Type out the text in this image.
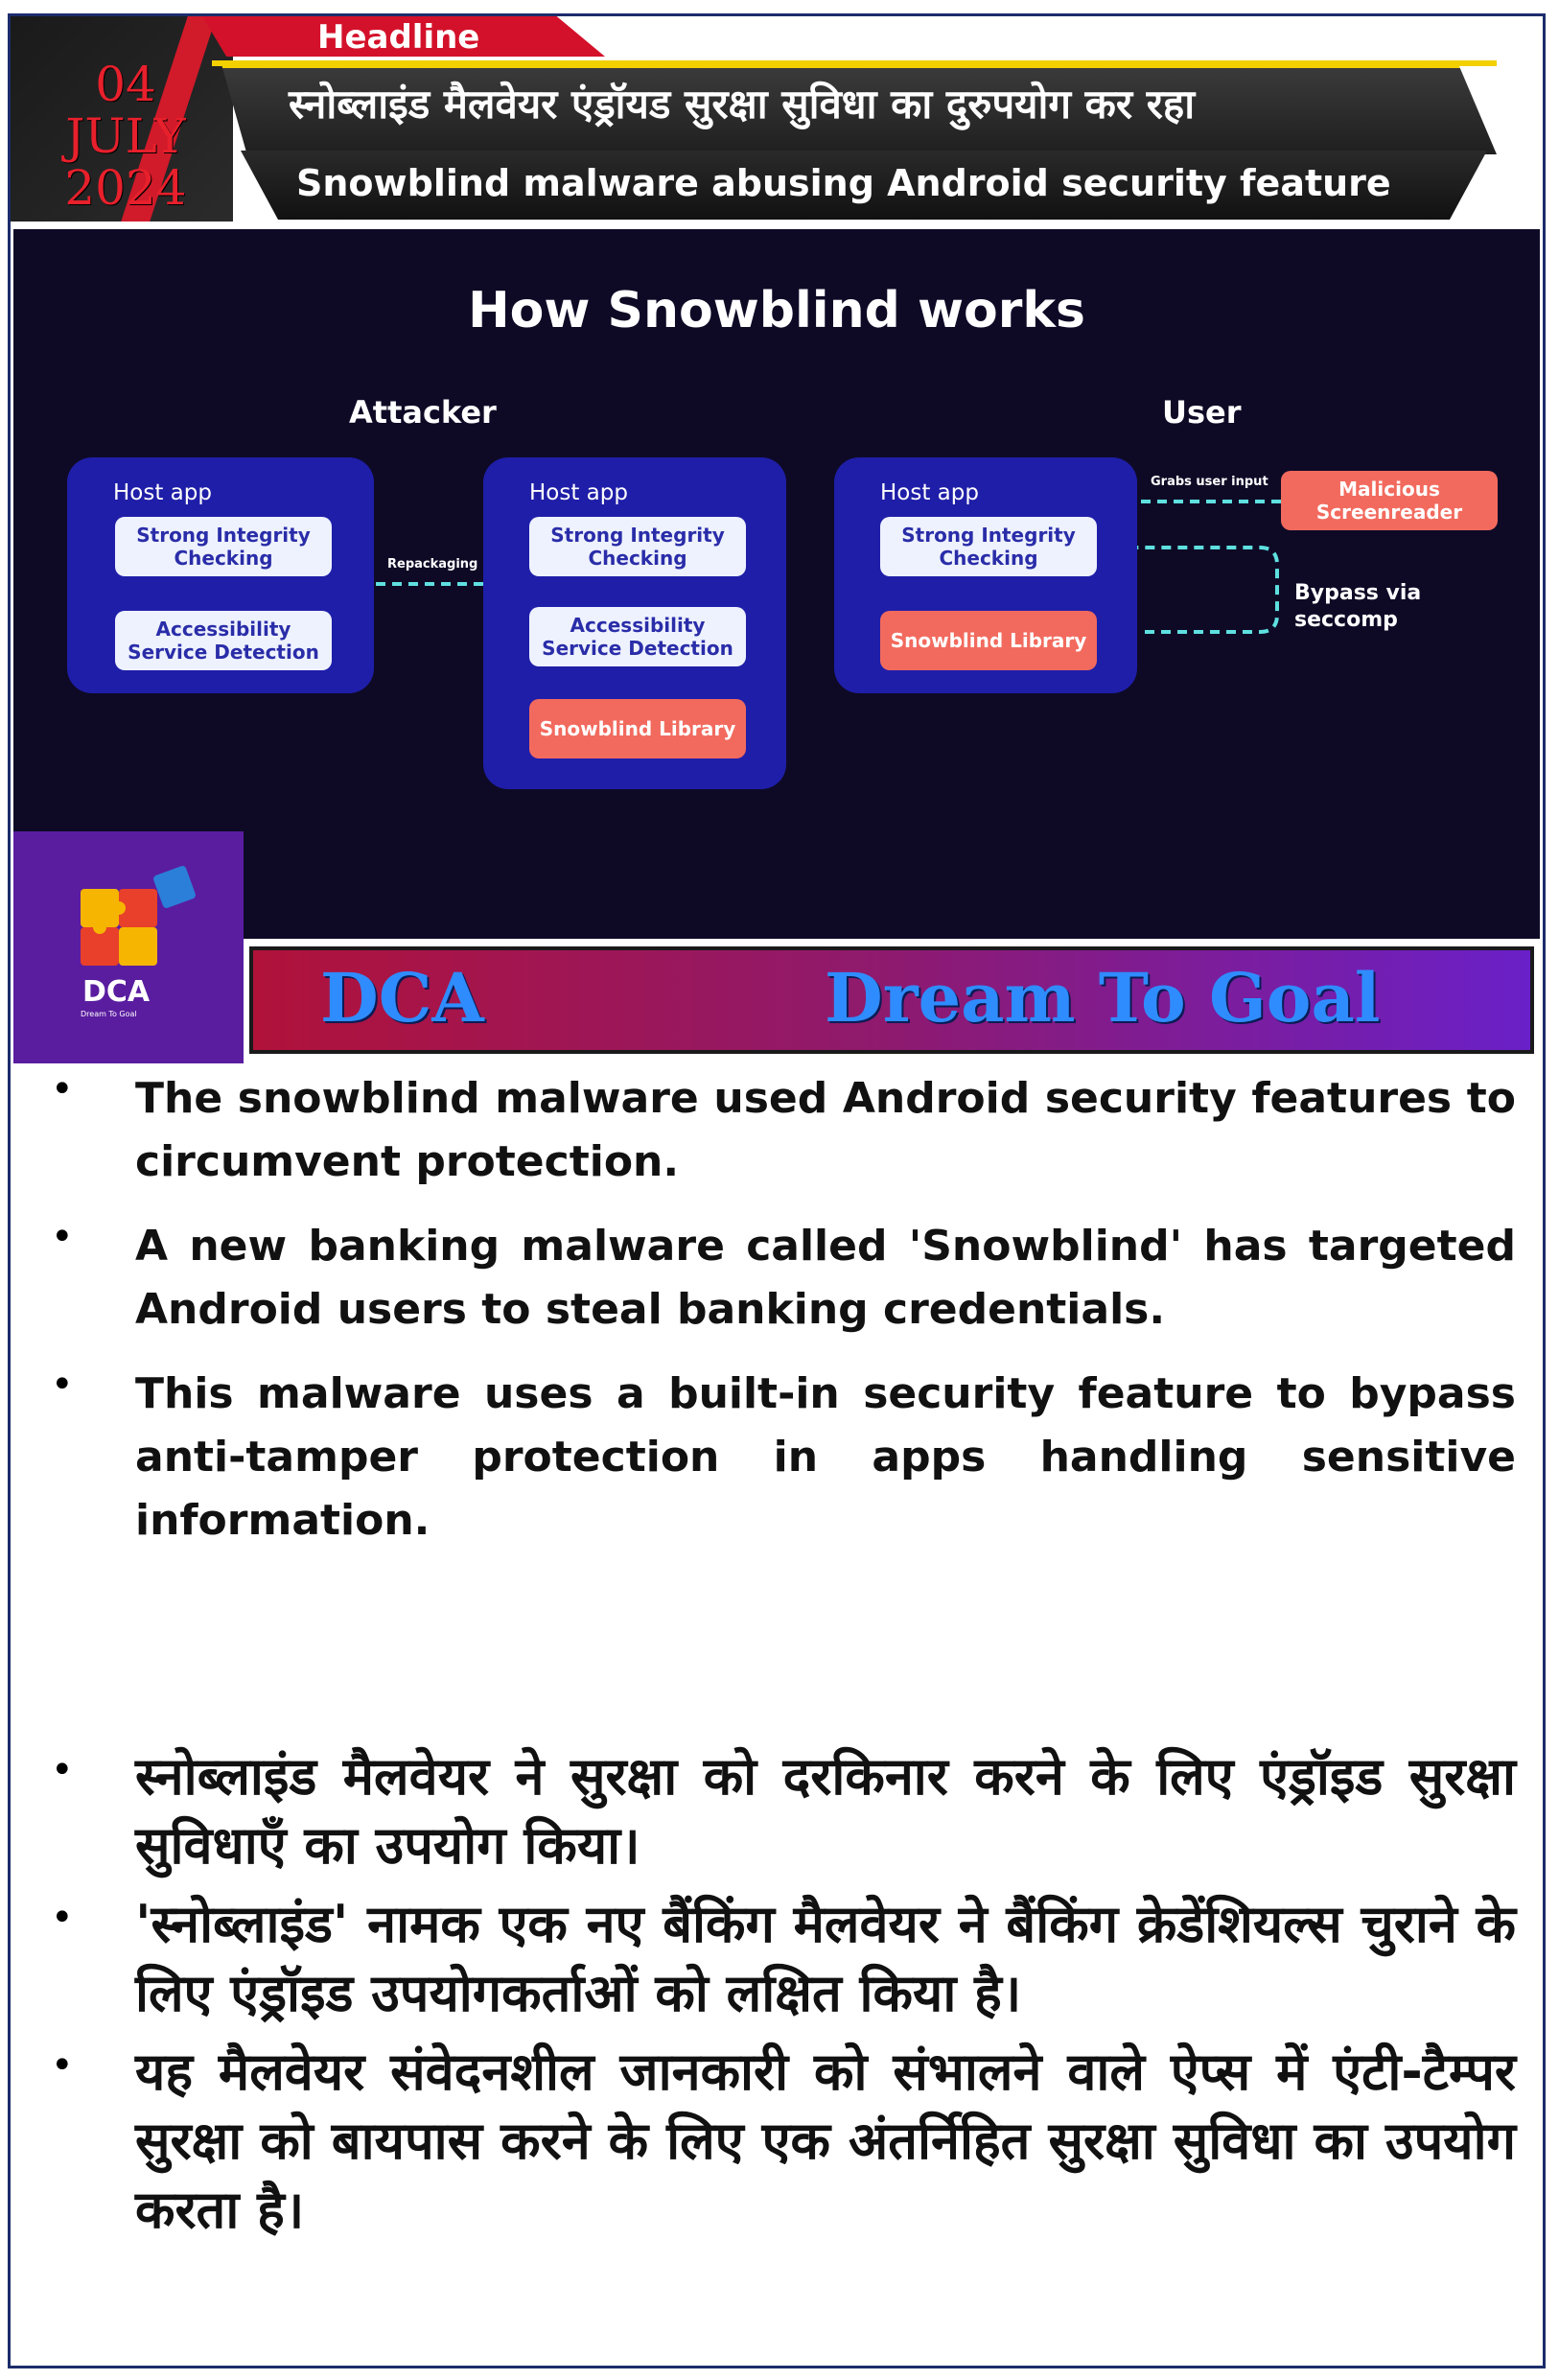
04
JULY
2024
Headline
स्नोब्लाइंड मैलवेयर एंड्रॉयड सुरक्षा सुविधा का दुरुपयोग कर रहा
Snowblind malware abusing Android security feature
How Snowblind works
Attacker	User
Host app
Strong Integrity
Checking
Accessibility
Service Detection
Repackaging
Host app
Strong Integrity
Checking
Accessibility
Service Detection
Snowblind Library
Host app
Strong Integrity
Checking
Snowblind Library
Grabs user input	Malicious
Screenreader
Bypass via
seccomp
DCA
Dream To Goal	DCA	Dream To Goal
• The snowblind malware used Android security features to circumvent protection.
• A new banking malware called 'Snowblind' has targeted Android users to steal banking credentials.
• This malware uses a built-in security feature to bypass anti-tamper protection in apps handling sensitive information.
• स्नोब्लाइंड मैलवेयर ने सुरक्षा को दरकिनार करने के लिए एंड्रॉइड सुरक्षा सुविधाएँ का उपयोग किया।
• 'स्नोब्लाइंड' नामक एक नए बैंकिंग मैलवेयर ने बैंकिंग क्रेडेंशियल्स चुराने के लिए एंड्रॉइड उपयोगकर्ताओं को लक्षित किया है।
• यह मैलवेयर संवेदनशील जानकारी को संभालने वाले ऐप्स में एंटी-टैम्पर सुरक्षा को बायपास करने के लिए एक अंतर्निहित सुरक्षा सुविधा का उपयोग करता है।
